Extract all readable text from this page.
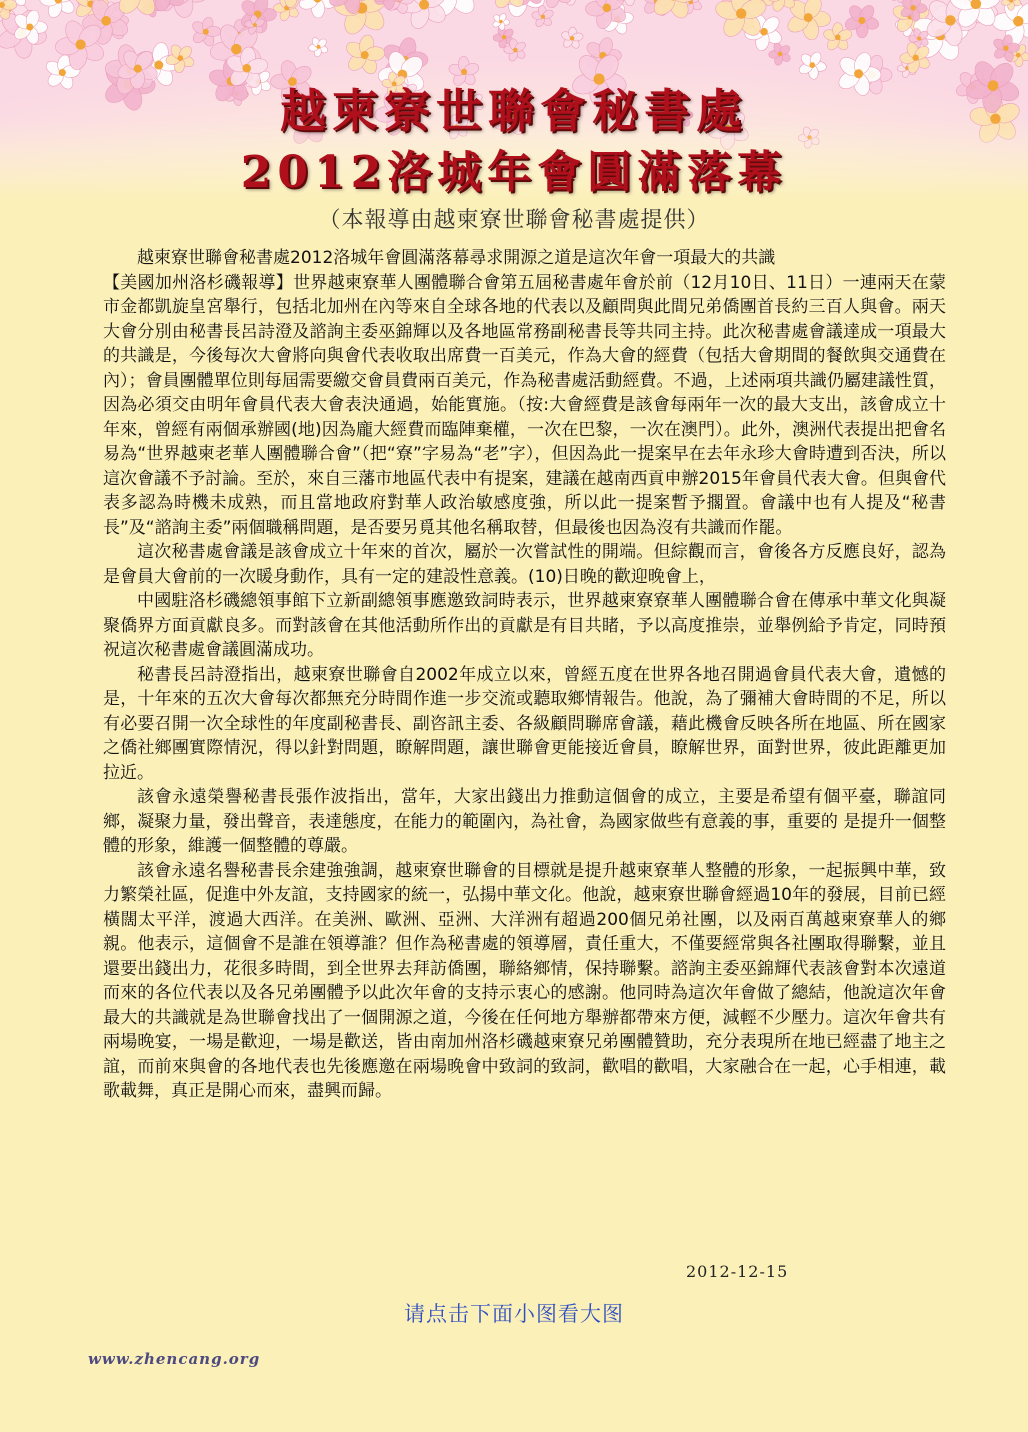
越柬寮世聯會秘書處
2012洛城年會圓滿落幕
（本報導由越柬寮世聯會秘書處提供）

越柬寮世聯會秘書處2012洛城年會圓滿落幕尋求開源之道是這次年會一項最大的共識

【美國加州洛杉磯報導】世界越柬寮華人團體聯合會第五屆秘書處年會於前（12月10日、11日）一連兩天在蒙市金都凱旋皇宮舉行，包括北加州在內等來自全球各地的代表以及顧問與此間兄弟僑團首長約三百人與會。兩天大會分別由秘書長呂詩澄及諮詢主委巫錦輝以及各地區常務副秘書長等共同主持。此次秘書處會議達成一項最大的共識是，今後每次大會將向與會代表收取出席費一百美元，作為大會的經費（包括大會期間的餐飲與交通費在內）；會員團體單位則每屆需要繳交會員費兩百美元，作為秘書處活動經費。不過，上述兩項共識仍屬建議性質，因為必須交由明年會員代表大會表決通過，始能實施。（按:大會經費是該會每兩年一次的最大支出，該會成立十年來，曾經有兩個承辦國(地)因為龐大經費而臨陣棄權，一次在巴黎，一次在澳門）。此外，澳洲代表提出把會名易為“世界越柬老華人團體聯合會”（把“寮”字易為“老”字），但因為此一提案早在去年永珍大會時遭到否決，所以這次會議不予討論。至於，來自三藩市地區代表中有提案，建議在越南西貢申辦2015年會員代表大會。但與會代表多認為時機未成熟，而且當地政府對華人政治敏感度強，所以此一提案暫予擱置。會議中也有人提及“秘書長”及“諮詢主委”兩個職稱問題，是否要另覓其他名稱取替，但最後也因為沒有共識而作罷。

這次秘書處會議是該會成立十年來的首次，屬於一次嘗試性的開端。但綜觀而言，會後各方反應良好，認為是會員大會前的一次暖身動作，具有一定的建設性意義。(10)日晚的歡迎晚會上，

中國駐洛杉磯總領事館下立新副總領事應邀致詞時表示，世界越柬寮寮華人團體聯合會在傳承中華文化與凝聚僑界方面貢獻良多。而對該會在其他活動所作出的貢獻是有目共睹，予以高度推崇，並舉例給予肯定，同時預祝這次秘書處會議圓滿成功。

秘書長呂詩澄指出，越柬寮世聯會自2002年成立以來，曾經五度在世界各地召開過會員代表大會，遺憾的是，十年來的五次大會每次都無充分時間作進一步交流或聽取鄉情報告。他說，為了彌補大會時間的不足，所以有必要召開一次全球性的年度副秘書長、副咨訊主委、各級顧問聯席會議，藉此機會反映各所在地區、所在國家之僑社鄉團實際情況，得以針對問題，瞭解問題，讓世聯會更能接近會員，瞭解世界，面對世界，彼此距離更加拉近。

該會永遠榮譽秘書長張作波指出，當年，大家出錢出力推動這個會的成立，主要是希望有個平臺，聯誼同鄉，凝聚力量，發出聲音，表達態度，在能力的範圍內，為社會，為國家做些有意義的事，重要的 是提升一個整體的形象，維護一個整體的尊嚴。

該會永遠名譽秘書長余建強強調，越柬寮世聯會的目標就是提升越柬寮華人整體的形象，一起振興中華，致力繁榮社區，促進中外友誼，支持國家的統一，弘揚中華文化。他說，越柬寮世聯會經過10年的發展，目前已經橫闊太平洋，渡過大西洋。在美洲、歐洲、亞洲、大洋洲有超過200個兄弟社團，以及兩百萬越柬寮華人的鄉親。他表示，這個會不是誰在領導誰？但作為秘書處的領導層，責任重大，不僅要經常與各社團取得聯繫，並且還要出錢出力，花很多時間，到全世界去拜訪僑團，聯絡鄉情，保持聯繫。諮詢主委巫錦輝代表該會對本次遠道而來的各位代表以及各兄弟團體予以此次年會的支持示衷心的感謝。他同時為這次年會做了總結，他說這次年會最大的共識就是為世聯會找出了一個開源之道，今後在任何地方舉辦都帶來方便，減輕不少壓力。這次年會共有兩場晚宴，一場是歡迎，一場是歡送，皆由南加州洛杉磯越柬寮兄弟團體贊助，充分表現所在地已經盡了地主之誼，而前來與會的各地代表也先後應邀在兩場晚會中致詞的致詞，歡唱的歡唱，大家融合在一起，心手相連，載歌載舞，真正是開心而來，盡興而歸。

2012-12-15
请点击下面小图看大图
www.zhencang.org
